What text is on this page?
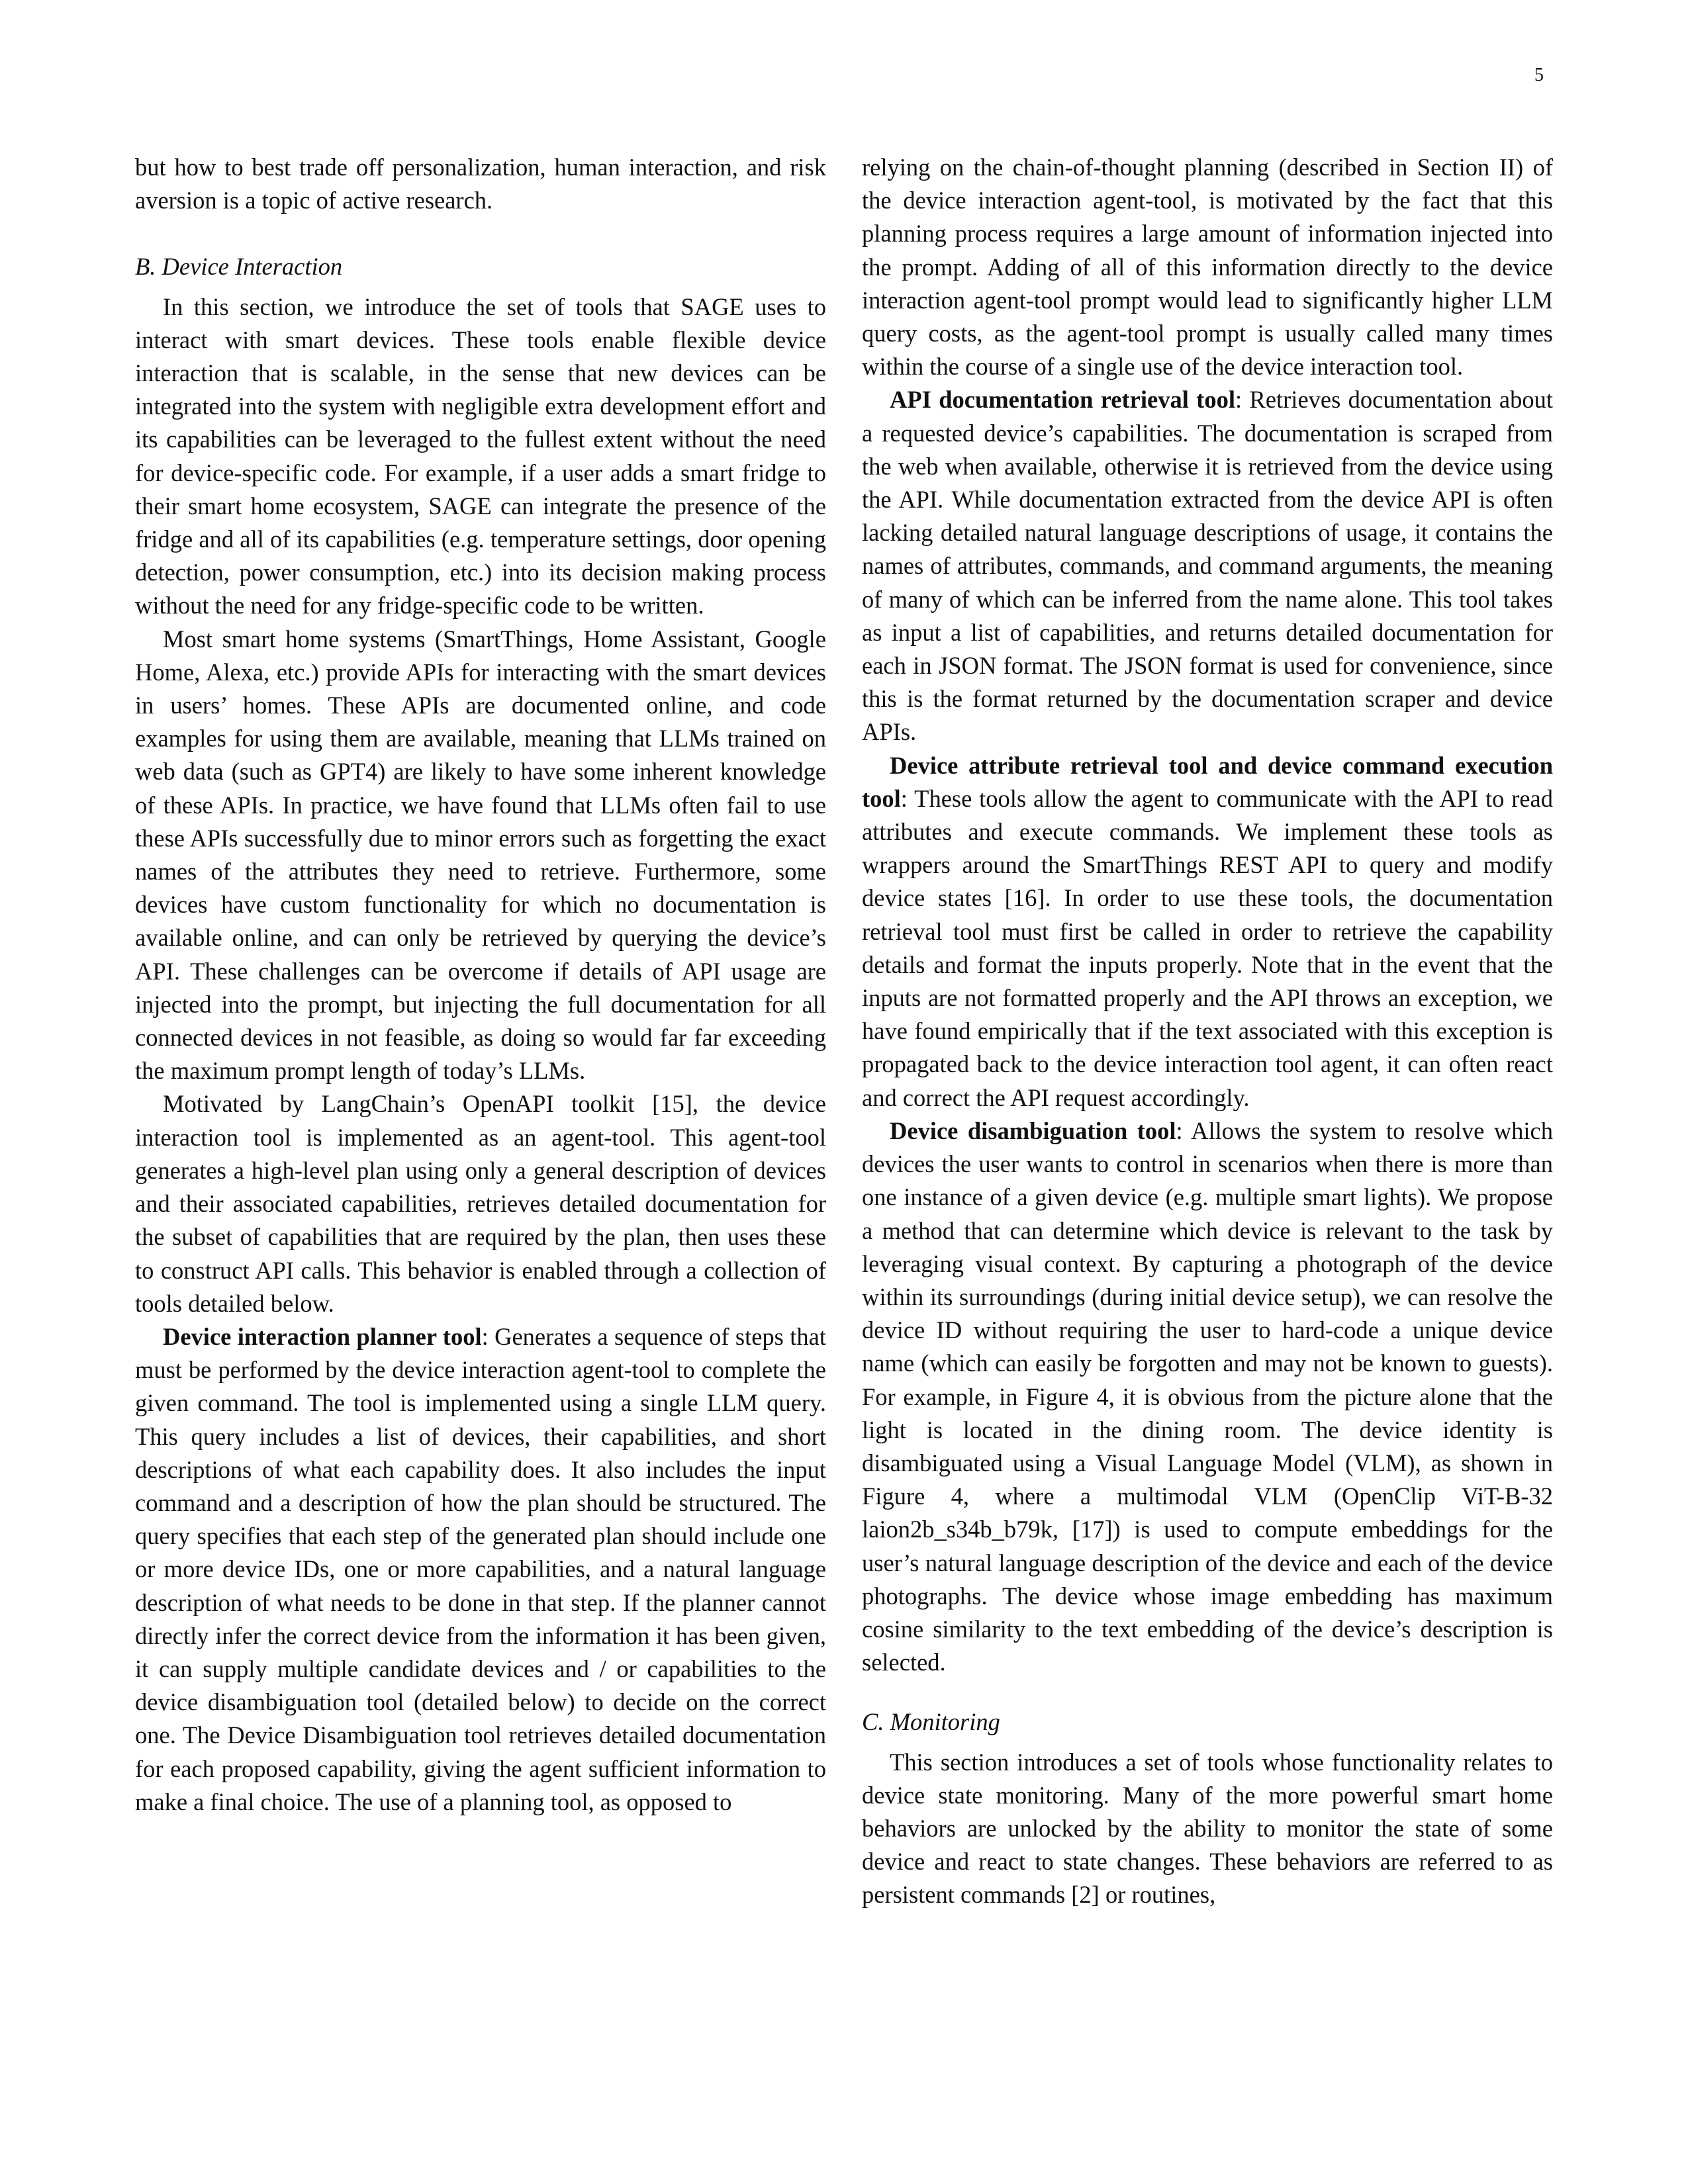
5

but how to best trade off personalization, human interaction, and risk aversion is a topic of active research.

B. Device Interaction

In this section, we introduce the set of tools that SAGE uses to interact with smart devices. These tools enable flexible device interaction that is scalable, in the sense that new devices can be integrated into the system with negligible extra development effort and its capabilities can be leveraged to the fullest extent without the need for device-specific code. For example, if a user adds a smart fridge to their smart home ecosystem, SAGE can integrate the presence of the fridge and all of its capabilities (e.g. temperature settings, door opening detection, power consumption, etc.) into its decision making process without the need for any fridge-specific code to be written.

Most smart home systems (SmartThings, Home Assistant, Google Home, Alexa, etc.) provide APIs for interacting with the smart devices in users’ homes. These APIs are documented online, and code examples for using them are available, meaning that LLMs trained on web data (such as GPT4) are likely to have some inherent knowledge of these APIs. In practice, we have found that LLMs often fail to use these APIs successfully due to minor errors such as forgetting the exact names of the attributes they need to retrieve. Furthermore, some devices have custom functionality for which no documentation is available online, and can only be retrieved by querying the device’s API. These challenges can be overcome if details of API usage are injected into the prompt, but injecting the full documentation for all connected devices in not feasible, as doing so would far far exceeding the maximum prompt length of today’s LLMs.

Motivated by LangChain’s OpenAPI toolkit [15], the device interaction tool is implemented as an agent-tool. This agent-tool generates a high-level plan using only a general description of devices and their associated capabilities, retrieves detailed documentation for the subset of capabilities that are required by the plan, then uses these to construct API calls. This behavior is enabled through a collection of tools detailed below.

Device interaction planner tool: Generates a sequence of steps that must be performed by the device interaction agent-tool to complete the given command. The tool is implemented using a single LLM query. This query includes a list of devices, their capabilities, and short descriptions of what each capability does. It also includes the input command and a description of how the plan should be structured. The query specifies that each step of the generated plan should include one or more device IDs, one or more capabilities, and a natural language description of what needs to be done in that step. If the planner cannot directly infer the correct device from the information it has been given, it can supply multiple candidate devices and / or capabilities to the device disambiguation tool (detailed below) to decide on the correct one. The Device Disambiguation tool retrieves detailed documentation for each proposed capability, giving the agent sufficient information to make a final choice. The use of a planning tool, as opposed to

relying on the chain-of-thought planning (described in Section II) of the device interaction agent-tool, is motivated by the fact that this planning process requires a large amount of information injected into the prompt. Adding of all of this information directly to the device interaction agent-tool prompt would lead to significantly higher LLM query costs, as the agent-tool prompt is usually called many times within the course of a single use of the device interaction tool.

API documentation retrieval tool: Retrieves documentation about a requested device’s capabilities. The documentation is scraped from the web when available, otherwise it is retrieved from the device using the API. While documentation extracted from the device API is often lacking detailed natural language descriptions of usage, it contains the names of attributes, commands, and command arguments, the meaning of many of which can be inferred from the name alone. This tool takes as input a list of capabilities, and returns detailed documentation for each in JSON format. The JSON format is used for convenience, since this is the format returned by the documentation scraper and device APIs.

Device attribute retrieval tool and device command execution tool: These tools allow the agent to communicate with the API to read attributes and execute commands. We implement these tools as wrappers around the SmartThings REST API to query and modify device states [16]. In order to use these tools, the documentation retrieval tool must first be called in order to retrieve the capability details and format the inputs properly. Note that in the event that the inputs are not formatted properly and the API throws an exception, we have found empirically that if the text associated with this exception is propagated back to the device interaction tool agent, it can often react and correct the API request accordingly.

Device disambiguation tool: Allows the system to resolve which devices the user wants to control in scenarios when there is more than one instance of a given device (e.g. multiple smart lights). We propose a method that can determine which device is relevant to the task by leveraging visual context. By capturing a photograph of the device within its surroundings (during initial device setup), we can resolve the device ID without requiring the user to hard-code a unique device name (which can easily be forgotten and may not be known to guests). For example, in Figure 4, it is obvious from the picture alone that the light is located in the dining room. The device identity is disambiguated using a Visual Language Model (VLM), as shown in Figure 4, where a multimodal VLM (OpenClip ViT-B-32 laion2b_s34b_b79k, [17]) is used to compute embeddings for the user’s natural language description of the device and each of the device photographs. The device whose image embedding has maximum cosine similarity to the text embedding of the device’s description is selected.

C. Monitoring

This section introduces a set of tools whose functionality relates to device state monitoring. Many of the more powerful smart home behaviors are unlocked by the ability to monitor the state of some device and react to state changes. These behaviors are referred to as persistent commands [2] or routines,
